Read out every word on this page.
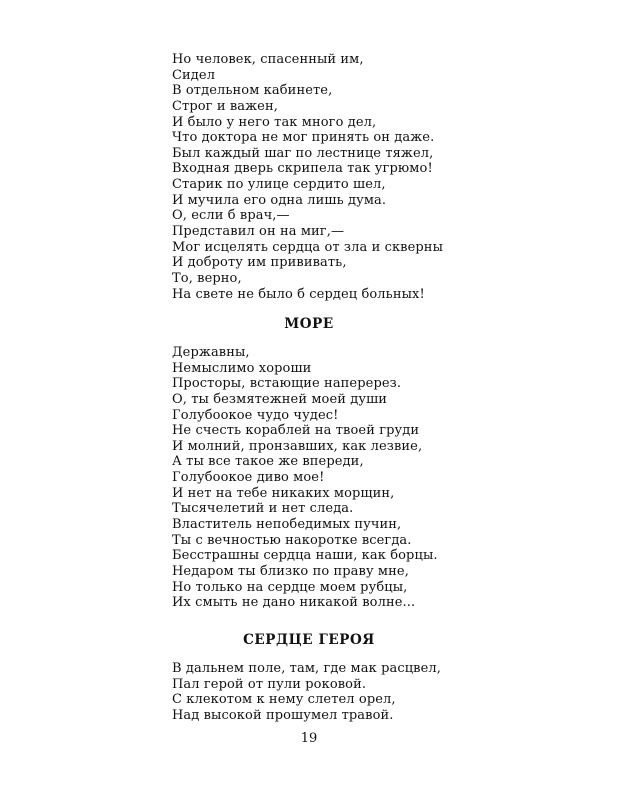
Но человек, спасенный им,
Сидел
В отдельном кабинете,
Строг и важен,
И было у него так много дел,
Что доктора не мог принять он даже.
Был каждый шаг по лестнице тяжел,
Входная дверь скрипела так угрюмо!
Старик по улице сердито шел,
И мучила его одна лишь дума.
О, если б врач,—
Представил он на миг,—
Мог исцелять сердца от зла и скверны
И доброту им прививать,
То, верно,
На свете не было б сердец больных!
МОРЕ
Державны,
Немыслимо хороши
Просторы, встающие наперерез.
О, ты безмятежней моей души
Голубоокое чудо чудес!
Не счесть кораблей на твоей груди
И молний, пронзавших, как лезвие,
А ты все такое же впереди,
Голубоокое диво мое!
И нет на тебе никаких морщин,
Тысячелетий и нет следа.
Властитель непобедимых пучин,
Ты с вечностью накоротке всегда.
Бесстрашны сердца наши, как борцы.
Недаром ты близко по праву мне,
Но только на сердце моем рубцы,
Их смыть не дано никакой волне...
СЕРДЦЕ ГЕРОЯ
В дальнем поле, там, где мак расцвел,
Пал герой от пули роковой.
С клекотом к нему слетел орел,
Над высокой прошумел травой.
19
